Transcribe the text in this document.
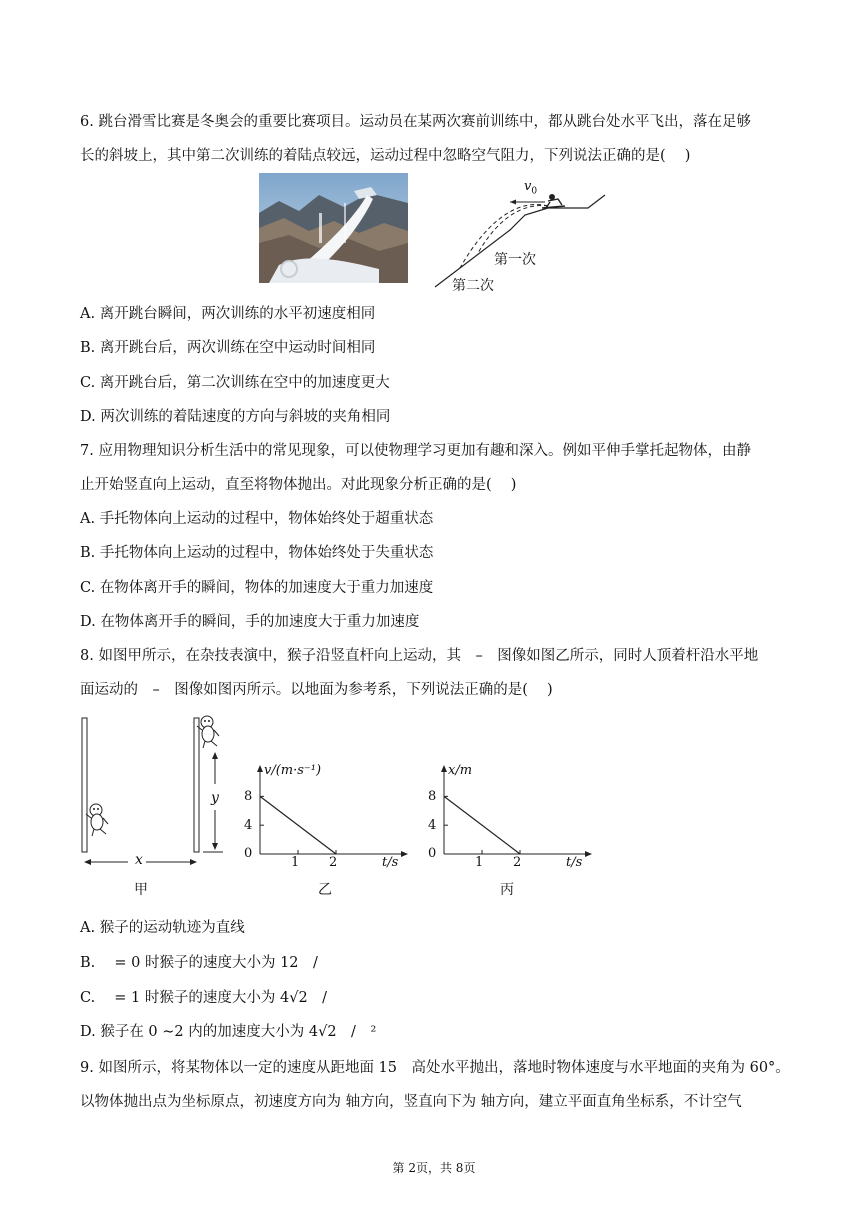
6. 跳台滑雪比赛是冬奥会的重要比赛项目。运动员在某两次赛前训练中，都从跳台处水平飞出，落在足够
长的斜坡上，其中第二次训练的着陆点较远，运动过程中忽略空气阻力，下列说法正确的是(　 )
$v_0$
第一次
第二次
A. 离开跳台瞬间，两次训练的水平初速度相同
B. 离开跳台后，两次训练在空中运动时间相同
C. 离开跳台后，第二次训练在空中的加速度更大
D. 两次训练的着陆速度的方向与斜坡的夹角相同
7. 应用物理知识分析生活中的常见现象，可以使物理学习更加有趣和深入。例如平伸手掌托起物体，由静
止开始竖直向上运动，直至将物体抛出。对此现象分析正确的是(　 )
A. 手托物体向上运动的过程中，物体始终处于超重状态
B. 手托物体向上运动的过程中，物体始终处于失重状态
C. 在物体离开手的瞬间，物体的加速度大于重力加速度
D. 在物体离开手的瞬间，手的加速度大于重力加速度
8. 如图甲所示，在杂技表演中，猴子沿竖直杆向上运动，其　–　图像如图乙所示，同时人顶着杆沿水平地
面运动的　–　图像如图丙所示。以地面为参考系，下列说法正确的是(　 )
x
y
甲
v/(m·s⁻¹)
t/s
8
4
0
1 2
乙
x/m
t/s
8
4
0
1 2
丙
A. 猴子的运动轨迹为直线
B. 　= 0 时猴子的速度大小为 12　/
C. 　= 1 时猴子的速度大小为 4√2　/
D. 猴子在 0 ∼2 内的加速度大小为 4√2　/　²
9. 如图所示，将某物体以一定的速度从距地面 15　高处水平抛出，落地时物体速度与水平地面的夹角为 60°。
以物体抛出点为坐标原点，初速度方向为 轴方向，竖直向下为 轴方向，建立平面直角坐标系，不计空气
第 2页，共 8页
